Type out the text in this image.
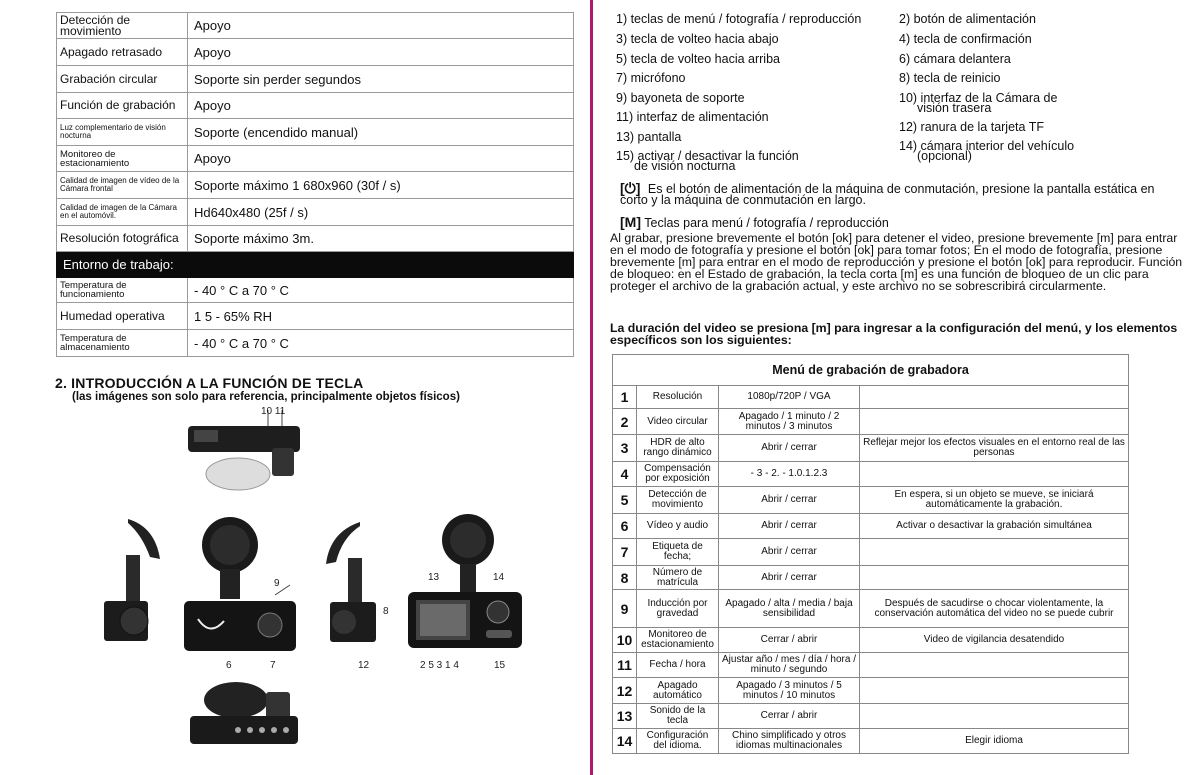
Detección de movimiento	Apoyo
Apagado retrasado	Apoyo
Grabación circular	Soporte sin perder segundos
Función de grabación	Apoyo
Luz complementario de visión nocturna	Soporte (encendido manual)
Monitoreo de estacionamiento	Apoyo
Calidad de imagen de vídeo de la Cámara frontal	Soporte máximo 1 680x960 (30f / s)
Calidad de imagen de la Cámara en el automóvil.	Hd640x480 (25f / s)
Resolución fotográfica	Soporte máximo 3m.
Entorno de trabajo:	
Temperatura de funcionamiento	- 40 ° C a 70 ° C
Humedad operativa	1 5 - 65% RH
Temperatura de almacenamiento	- 40 ° C a 70 ° C
2. INTRODUCCIÓN A LA FUNCIÓN DE TECLA
(las imágenes son solo para referencia, principalmente objetos físicos)
9
8
13	14
10 11
6	7	12	2 5 3 1 4	15
1) teclas de menú / fotografía / reproducción	2) botón de alimentación
3) tecla de volteo hacia abajo	4) tecla de confirmación
5) tecla de volteo hacia arriba	6) cámara delantera
7) micrófono	8) tecla de reinicio
9) bayoneta de soporte	10) interfaz de la Cámara de
visión trasera
11) interfaz de alimentación
12) ranura de la tarjeta TF
13) pantalla
14) cámara interior del vehículo
(opcional)
15) activar / desactivar la función
de visión nocturna
[⏻] Es el botón de alimentación de la máquina de conmutación, presione la pantalla estática en corto y la máquina de conmutación en largo.
[M] Teclas para menú / fotografía / reproducción
Al grabar, presione brevemente el botón [ok] para detener el video, presione brevemente [m] para entrar en el modo de fotografía y presione el botón [ok] para tomar fotos; En el modo de fotografía, presione brevemente [m] para entrar en el modo de reproducción y presione el botón [ok] para reproducir. Función de bloqueo: en el Estado de grabación, la tecla corta [m] es una función de bloqueo de un clic para proteger el archivo de la grabación actual, y este archivo no se sobrescribirá circularmente.
La duración del video se presiona [m] para ingresar a la configuración del menú, y los elementos específicos son los siguientes:
Menú de grabación de grabadora			
1	Resolución	1080p/720P / VGA	
2	Video circular	Apagado / 1 minuto / 2 minutos / 3 minutos	
3	HDR de alto rango dinámico	Abrir / cerrar	Reflejar mejor los efectos visuales en el entorno real de las personas
4	Compensación por exposición	- 3 - 2. - 1.0.1.2.3	
5	Detección de movimiento	Abrir / cerrar	En espera, si un objeto se mueve, se iniciará automáticamente la grabación.
6	Vídeo y audio	Abrir / cerrar	Activar o desactivar la grabación simultánea
7	Etiqueta de fecha;	Abrir / cerrar	
8	Número de matrícula	Abrir / cerrar	
9	Inducción por gravedad	Apagado / alta / media / baja sensibilidad	Después de sacudirse o chocar violentamente, la conservación automática del video no se puede cubrir
10	Monitoreo de estacionamiento	Cerrar / abrir	Video de vigilancia desatendido
11	Fecha / hora	Ajustar año / mes / día / hora / minuto / segundo	
12	Apagado automático	Apagado / 3 minutos / 5 minutos / 10 minutos	
13	Sonido de la tecla	Cerrar / abrir	
14	Configuración del idioma.	Chino simplificado y otros idiomas multinacionales	Elegir idioma
